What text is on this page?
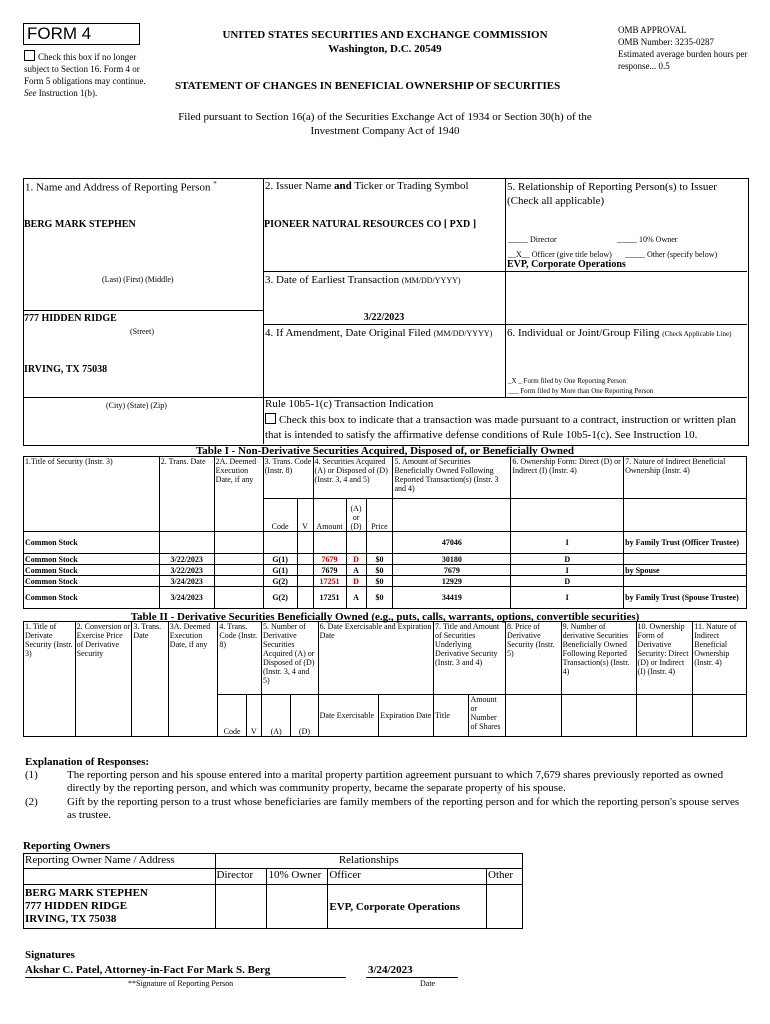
FORM 4
Check this box if no longer subject to Section 16. Form 4 or Form 5 obligations may continue. See Instruction 1(b).
UNITED STATES SECURITIES AND EXCHANGE COMMISSION
Washington, D.C. 20549
STATEMENT OF CHANGES IN BENEFICIAL OWNERSHIP OF SECURITIES
OMB APPROVAL
OMB Number: 3235-0287
Estimated average burden hours per response... 0.5
Filed pursuant to Section 16(a) of the Securities Exchange Act of 1934 or Section 30(h) of the Investment Company Act of 1940
1. Name and Address of Reporting Person *
BERG MARK STEPHEN
(Last) (First) (Middle)
777 HIDDEN RIDGE
(Street)
IRVING, TX 75038
(City) (State) (Zip)
2. Issuer Name and Ticker or Trading Symbol
PIONEER NATURAL RESOURCES CO [ PXD ]
3. Date of Earliest Transaction (MM/DD/YYYY)
3/22/2023
4. If Amendment, Date Original Filed (MM/DD/YYYY)
5. Relationship of Reporting Person(s) to Issuer
(Check all applicable)
_____ Director	_____ 10% Owner
__X__ Officer (give title below) _____ Other (specify below)
EVP, Corporate Operations
6. Individual or Joint/Group Filing (Check Applicable Line)
_X _ Form filed by One Reporting Person
___ Form filed by More than One Reporting Person
Rule 10b5-1(c) Transaction Indication
Check this box to indicate that a transaction was made pursuant to a contract, instruction or written plan that is intended to satisfy the affirmative defense conditions of Rule 10b5-1(c). See Instruction 10.
Table I - Non-Derivative Securities Acquired, Disposed of, or Beneficially Owned
1.Title of Security (Instr. 3)	2. Trans. Date	2A. Deemed Execution Date, if any	3. Trans. Code (Instr. 8)		4. Securities Acquired (A) or Disposed of (D) (Instr. 3, 4 and 5)			5. Amount of Securities Beneficially Owned Following Reported Transaction(s) (Instr. 3 and 4)	6. Ownership Form: Direct (D) or Indirect (I) (Instr. 4)	7. Nature of Indirect Beneficial Ownership (Instr. 4)
			Code	V	Amount	(A) or (D)	Price			
Common Stock								47046	I	by Family Trust (Officer Trustee)
Common Stock	3/22/2023		G(1)		7679	D	$0	30180	D	
Common Stock	3/22/2023		G(1)		7679	A	$0	7679	I	by Spouse
Common Stock	3/24/2023		G(2)		17251	D	$0	12929	D	
Common Stock	3/24/2023		G(2)		17251	A	$0	34419	I	by Family Trust (Spouse Trustee)
Table II - Derivative Securities Beneficially Owned (e.g., puts, calls, warrants, options, convertible securities)
1. Title of Derivate Security (Instr. 3)	2. Conversion or Exercise Price of Derivative Security	3. Trans. Date	3A. Deemed Execution Date, if any	4. Trans. Code (Instr. 8)		5. Number of Derivative Securities Acquired (A) or Disposed of (D) (Instr. 3, 4 and 5)		6. Date Exercisable and Expiration Date		7. Title and Amount of Securities Underlying Derivative Security (Instr. 3 and 4)		8. Price of Derivative Security (Instr. 5)	9. Number of derivative Securities Beneficially Owned Following Reported Transaction(s) (Instr. 4)	10. Ownership Form of Derivative Security: Direct (D) or Indirect (I) (Instr. 4)	11. Nature of Indirect Beneficial Ownership (Instr. 4)
				Code	V	(A)	(D)	Date Exercisable	Expiration Date	Title	Amount or Number of Shares				
Explanation of Responses:
(1)	The reporting person and his spouse entered into a marital property partition agreement pursuant to which 7,679 shares previously reported as owned directly by the reporting person, and which was community property, became the separate property of his spouse.
(2)	Gift by the reporting person to a trust whose beneficiaries are family members of the reporting person and for which the reporting person's spouse serves as trustee.
Reporting Owners
Reporting Owner Name / Address	Relationships			
	Director	10% Owner	Officer	Other

BERG MARK STEPHEN
777 HIDDEN RIDGE
IRVING, TX 75038			EVP, Corporate Operations	
Signatures
Akshar C. Patel, Attorney-in-Fact For Mark S. Berg	3/24/2023
**Signature of Reporting Person	Date
